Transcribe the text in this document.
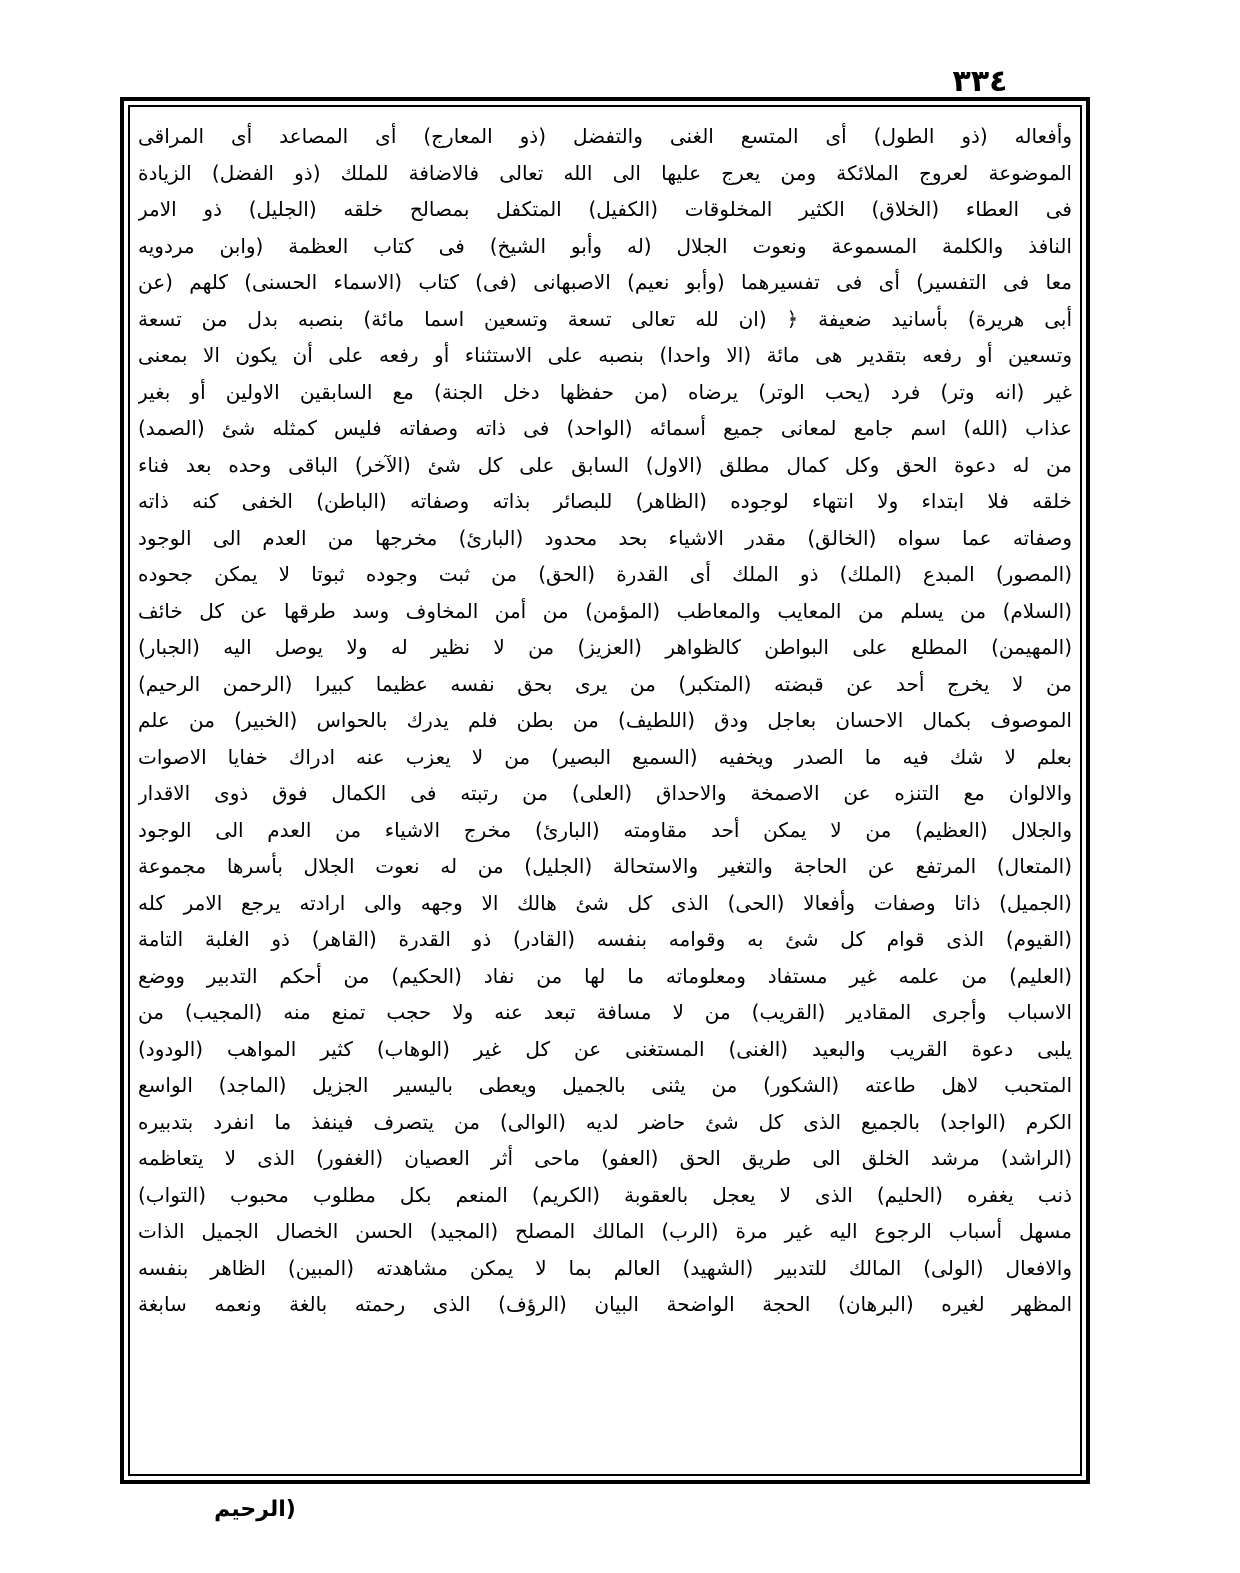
٣٣٤
وأفعاله (ذو الطول) أى المتسع الغنى والتفضل (ذو المعارج) أى المصاعد أى المراقى
الموضوعة لعروج الملائكة ومن يعرج عليها الى الله تعالى فالاضافة للملك (ذو الفضل) الزيادة
فى العطاء (الخلاق) الكثير المخلوقات (الكفيل) المتكفل بمصالح خلقه (الجليل) ذو الامر
النافذ والكلمة المسموعة ونعوت الجلال (له وأبو الشيخ) فى كتاب العظمة (وابن مردويه
معا فى التفسير) أى فى تفسيرهما (وأبو نعيم) الاصبهانى (فى) كتاب (الاسماء الحسنى) كلهم (عن
أبى هريرة) بأسانيد ضعيفة ﴿ (ان لله تعالى تسعة وتسعين اسما مائة) بنصبه بدل من تسعة
وتسعين أو رفعه بتقدير هى مائة (الا واحدا) بنصبه على الاستثناء أو رفعه على أن يكون الا بمعنى
غير (انه وتر) فرد (يحب الوتر) يرضاه (من حفظها دخل الجنة) مع السابقين الاولين أو بغير
عذاب (الله) اسم جامع لمعانى جميع أسمائه (الواحد) فى ذاته وصفاته فليس كمثله شئ (الصمد)
من له دعوة الحق وكل كمال مطلق (الاول) السابق على كل شئ (الآخر) الباقى وحده بعد فناء
خلقه فلا ابتداء ولا انتهاء لوجوده (الظاهر) للبصائر بذاته وصفاته (الباطن) الخفى كنه ذاته
وصفاته عما سواه (الخالق) مقدر الاشياء بحد محدود (البارئ) مخرجها من العدم الى الوجود
(المصور) المبدع (الملك) ذو الملك أى القدرة (الحق) من ثبت وجوده ثبوتا لا يمكن جحوده
(السلام) من يسلم من المعايب والمعاطب (المؤمن) من أمن المخاوف وسد طرقها عن كل خائف
(المهيمن) المطلع على البواطن كالظواهر (العزيز) من لا نظير له ولا يوصل اليه (الجبار)
من لا يخرج أحد عن قبضته (المتكبر) من يرى بحق نفسه عظيما كبيرا (الرحمن الرحيم)
الموصوف بكمال الاحسان بعاجل ودق (اللطيف) من بطن فلم يدرك بالحواس (الخبير) من علم
بعلم لا شك فيه ما الصدر ويخفيه (السميع البصير) من لا يعزب عنه ادراك خفايا الاصوات
والالوان مع التنزه عن الاصمخة والاحداق (العلى) من رتبته فى الكمال فوق ذوى الاقدار
والجلال (العظيم) من لا يمكن أحد مقاومته (البارئ) مخرج الاشياء من العدم الى الوجود
(المتعال) المرتفع عن الحاجة والتغير والاستحالة (الجليل) من له نعوت الجلال بأسرها مجموعة
(الجميل) ذاتا وصفات وأفعالا (الحى) الذى كل شئ هالك الا وجهه والى ارادته يرجع الامر كله
(القيوم) الذى قوام كل شئ به وقوامه بنفسه (القادر) ذو القدرة (القاهر) ذو الغلبة التامة
(العليم) من علمه غير مستفاد ومعلوماته ما لها من نفاد (الحكيم) من أحكم التدبير ووضع
الاسباب وأجرى المقادير (القريب) من لا مسافة تبعد عنه ولا حجب تمنع منه (المجيب) من
يلبى دعوة القريب والبعيد (الغنى) المستغنى عن كل غير (الوهاب) كثير المواهب (الودود)
المتحبب لاهل طاعته (الشكور) من يثنى بالجميل ويعطى باليسير الجزيل (الماجد) الواسع
الكرم (الواجد) بالجميع الذى كل شئ حاضر لديه (الوالى) من يتصرف فينفذ ما انفرد بتدبيره
(الراشد) مرشد الخلق الى طريق الحق (العفو) ماحى أثر العصيان (الغفور) الذى لا يتعاظمه
ذنب يغفره (الحليم) الذى لا يعجل بالعقوبة (الكريم) المنعم بكل مطلوب محبوب (التواب)
مسهل أسباب الرجوع اليه غير مرة (الرب) المالك المصلح (المجيد) الحسن الخصال الجميل الذات
والافعال (الولى) المالك للتدبير (الشهيد) العالم بما لا يمكن مشاهدته (المبين) الظاهر بنفسه
المظهر لغيره (البرهان) الحجة الواضحة البيان (الرؤف) الذى رحمته بالغة ونعمه سابغة
(الرحيم
